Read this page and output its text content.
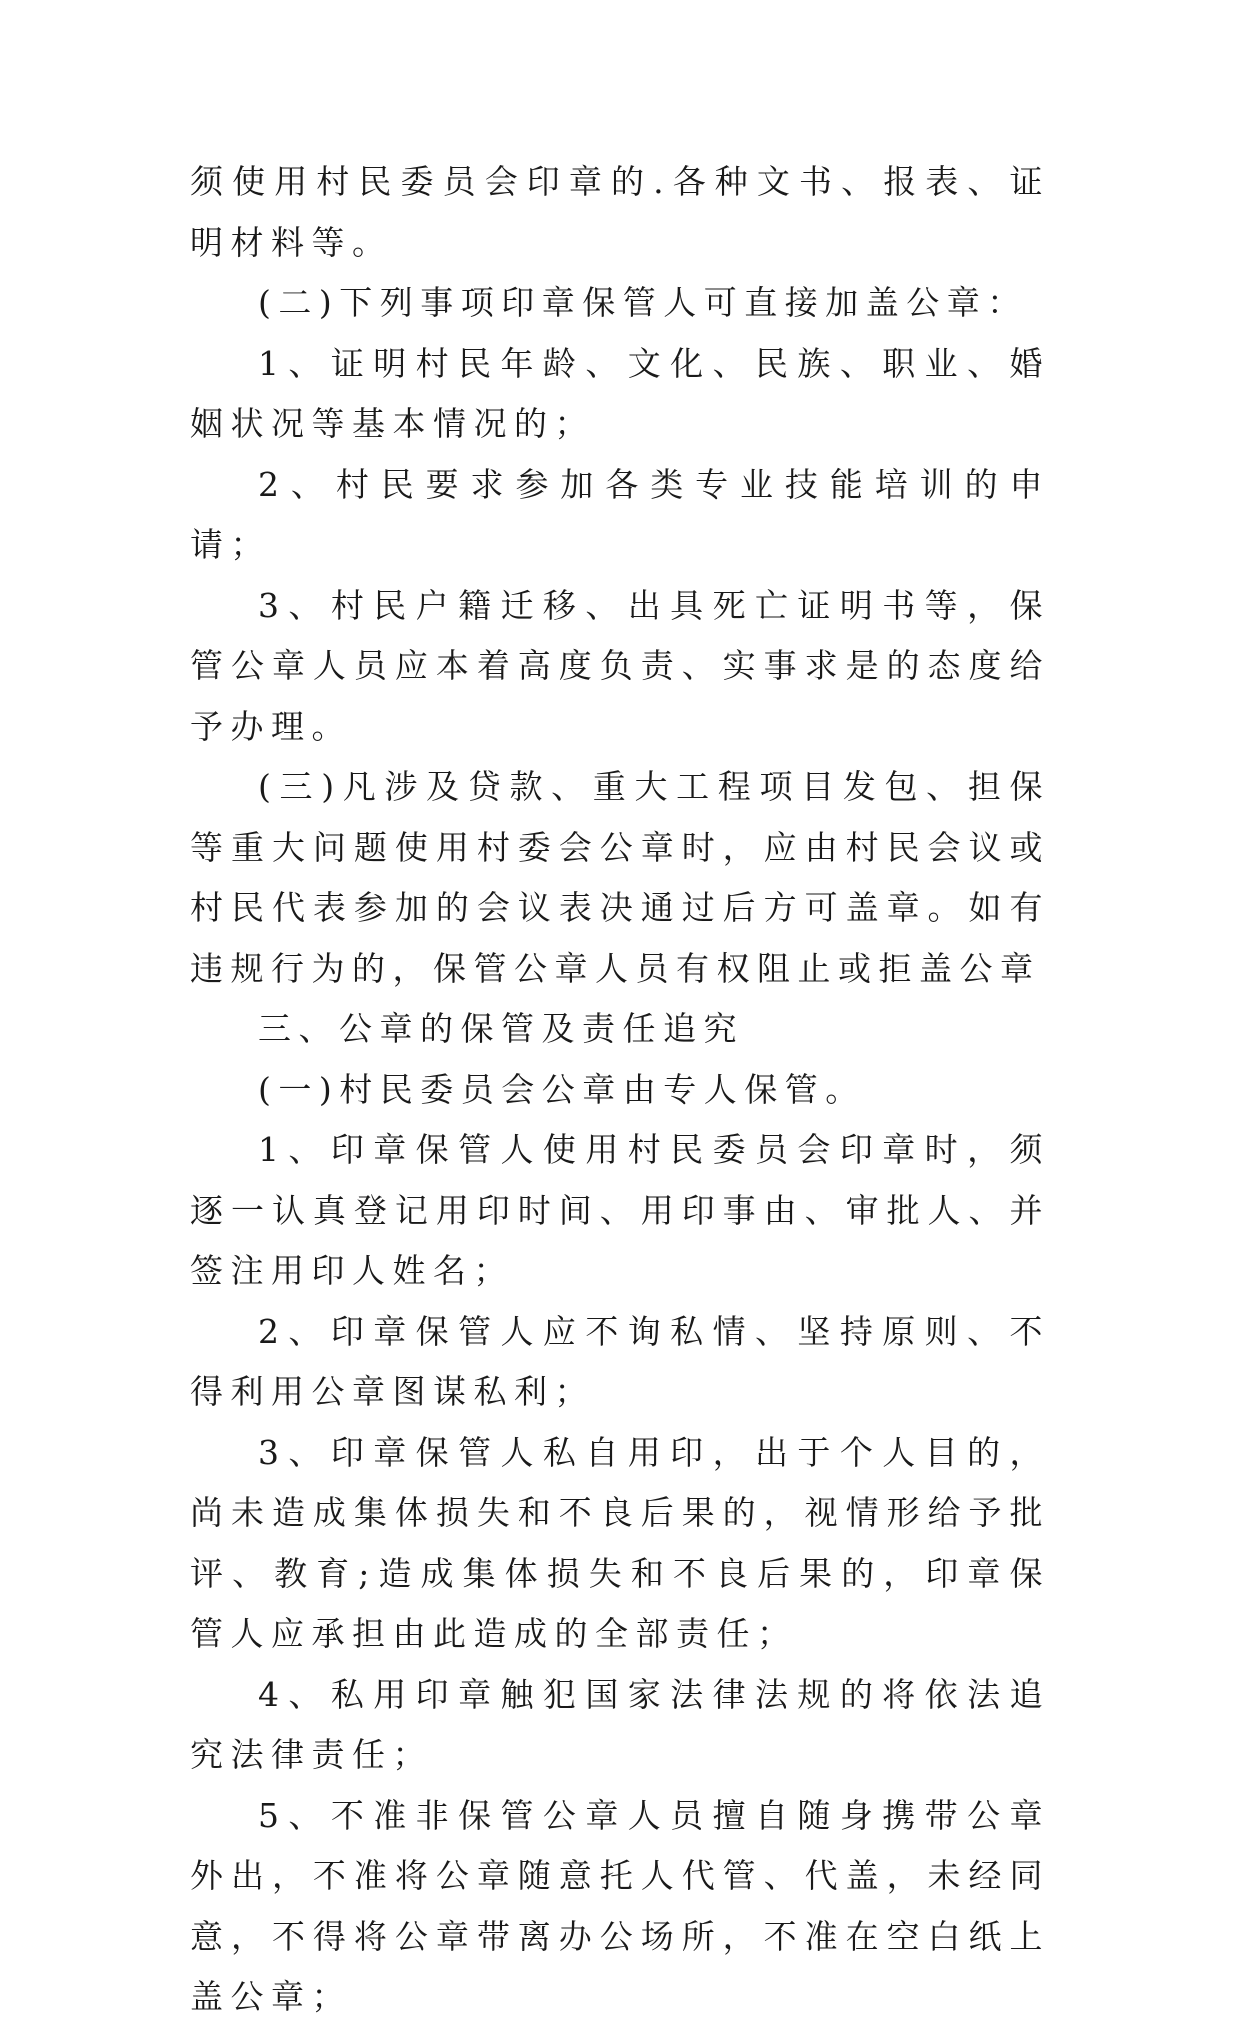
须使用村民委员会印章的.各种文书、报表、证明材料等。

(二)下列事项印章保管人可直接加盖公章：

1、证明村民年龄、文化、民族、职业、婚姻状况等基本情况的；

2、村民要求参加各类专业技能培训的申请；

3、村民户籍迁移、出具死亡证明书等，保管公章人员应本着高度负责、实事求是的态度给予办理。

(三)凡涉及贷款、重大工程项目发包、担保等重大问题使用村委会公章时，应由村民会议或村民代表参加的会议表决通过后方可盖章。如有违规行为的，保管公章人员有权阻止或拒盖公章

三、公章的保管及责任追究

(一)村民委员会公章由专人保管。

1、印章保管人使用村民委员会印章时，须逐一认真登记用印时间、用印事由、审批人、并签注用印人姓名；

2、印章保管人应不询私情、坚持原则、不得利用公章图谋私利；

3、印章保管人私自用印，出于个人目的，尚未造成集体损失和不良后果的，视情形给予批评、教育;造成集体损失和不良后果的，印章保管人应承担由此造成的全部责任；

4、私用印章触犯国家法律法规的将依法追究法律责任；

5、不准非保管公章人员擅自随身携带公章外出，不准将公章随意托人代管、代盖，未经同意，不得将公章带离办公场所，不准在空白纸上盖公章；
